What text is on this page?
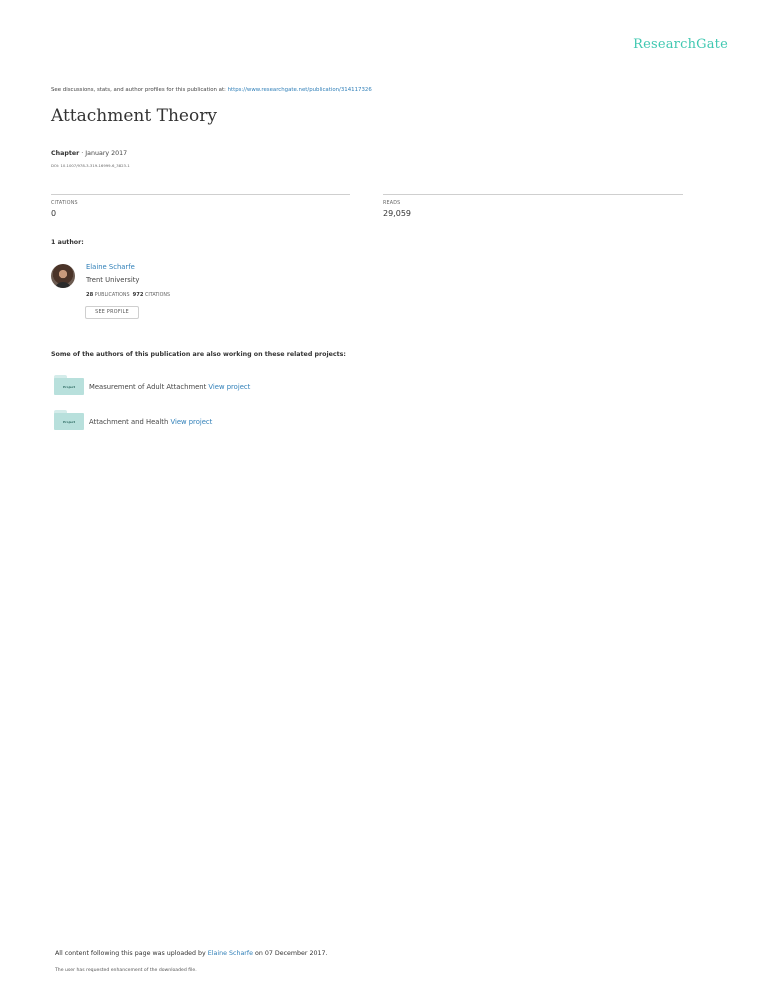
ResearchGate
See discussions, stats, and author profiles for this publication at: https://www.researchgate.net/publication/314117326
Attachment Theory
Chapter · January 2017
DOI: 10.1007/978-3-319-16999-6_3823-1
CITATIONS
0
READS
29,059
1 author:
Elaine Scharfe
Trent University
28 PUBLICATIONS 972 CITATIONS
SEE PROFILE
Some of the authors of this publication are also working on these related projects:
Project	Measurement of Adult Attachment View project
Project	Attachment and Health View project
All content following this page was uploaded by Elaine Scharfe on 07 December 2017.
The user has requested enhancement of the downloaded file.
